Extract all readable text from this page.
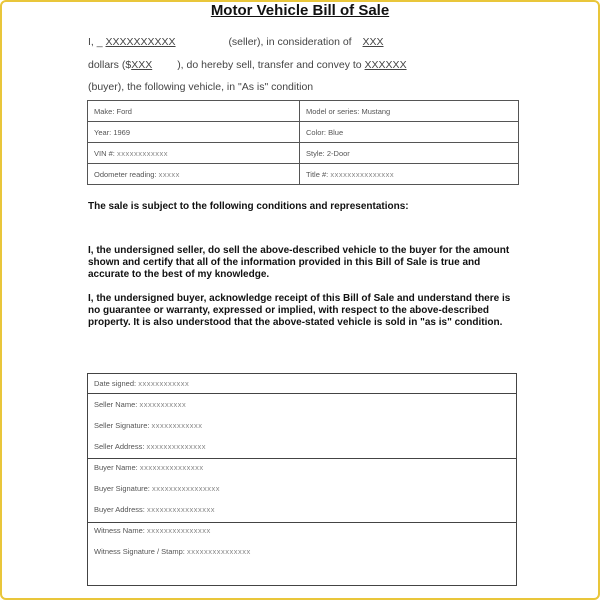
Motor Vehicle Bill of Sale
I, _ XXXXXXXXXX	(seller), in consideration of XXX
dollars ($XXX ), do hereby sell, transfer and convey to XXXXXX
(buyer), the following vehicle, in "As is" condition
Make: Ford	Model or series: Mustang
Year: 1969	Color: Blue
VIN #: xxxxxxxxxxxx	Style: 2-Door
Odometer reading: xxxxx	Title #: xxxxxxxxxxxxxxx
The sale is subject to the following conditions and representations:
I, the undersigned seller, do sell the above-described vehicle to the buyer for the amount shown and certify that all of the information provided in this Bill of Sale is true and accurate to the best of my knowledge.
I, the undersigned buyer, acknowledge receipt of this Bill of Sale and understand there is no guarantee or warranty, expressed or implied, with respect to the above-described property. It is also understood that the above-stated vehicle is sold in "as is" condition.
Date signed: xxxxxxxxxxxx
Seller Name: xxxxxxxxxxx
Seller Signature: xxxxxxxxxxxx
Seller Address: xxxxxxxxxxxxxx
Buyer Name: xxxxxxxxxxxxxxx
Buyer Signature: xxxxxxxxxxxxxxxx
Buyer Address: xxxxxxxxxxxxxxxx
Witness Name: xxxxxxxxxxxxxxx
Witness Signature / Stamp: xxxxxxxxxxxxxxx
